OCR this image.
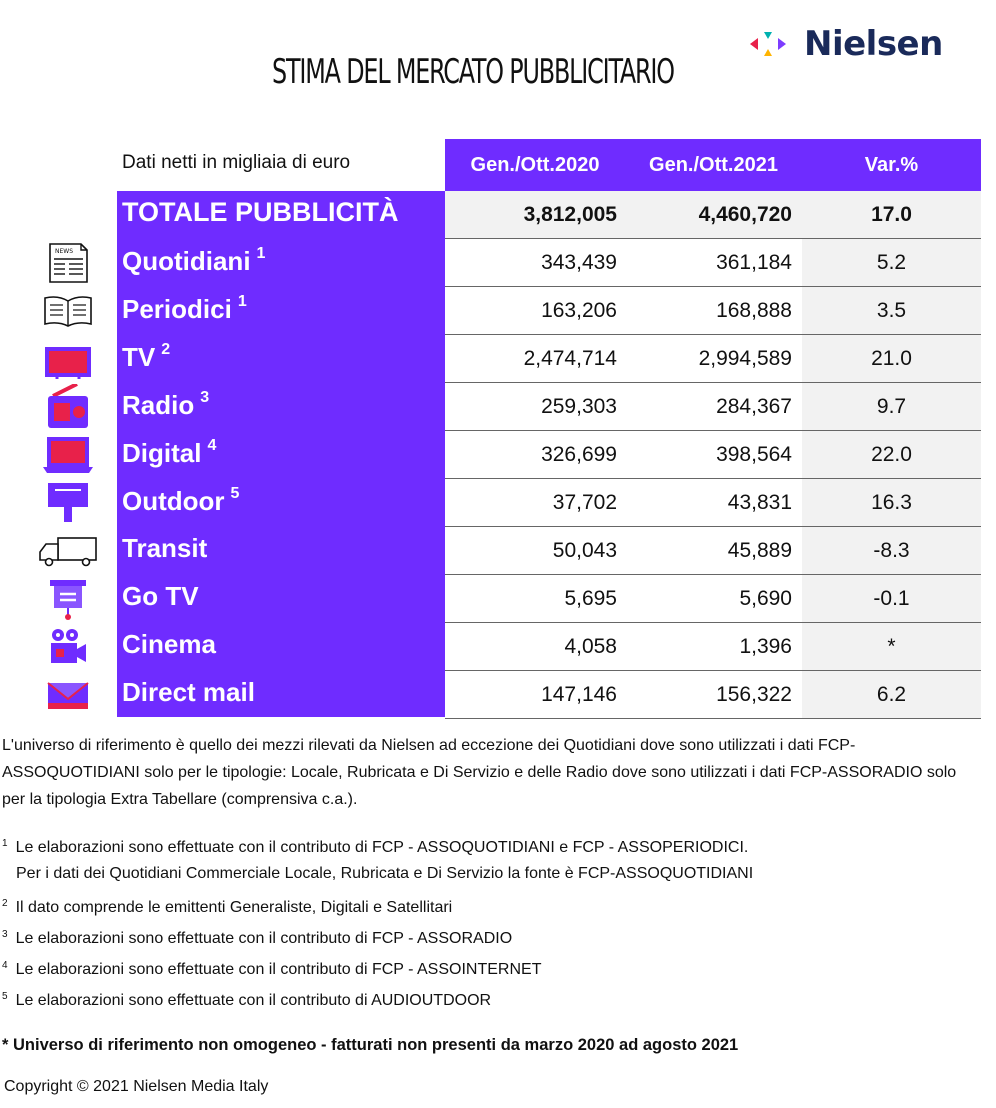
STIMA DEL MERCATO PUBBLICITARIO
Nielsen
Dati netti in migliaia di euro	Gen./Ott.2020	Gen./Ott.2021	Var.%
TOTALE PUBBLICITÀ	3,812,005	4,460,720	17.0
NEWS Quotidiani $^1$	343,439	361,184	5.2
Periodici $^1$	163,206	168,888	3.5
TV $^2$	2,474,714	2,994,589	21.0
Radio $^3$	259,303	284,367	9.7
Digital $^4$	326,699	398,564	22.0
Outdoor $^5$	37,702	43,831	16.3
Transit	50,043	45,889	-8.3
Go TV	5,695	5,690	-0.1
Cinema	4,058	1,396	*
Direct mail	147,146	156,322	6.2
L'universo di riferimento è quello dei mezzi rilevati da Nielsen ad eccezione dei Quotidiani dove sono utilizzati i dati FCP-ASSOQUOTIDIANI solo per le tipologie: Locale, Rubricata e Di Servizio e delle Radio dove sono utilizzati i dati FCP-ASSORADIO solo per la tipologia Extra Tabellare (comprensiva c.a.).
$^1$ Le elaborazioni sono effettuate con il contributo di FCP - ASSOQUOTIDIANI e FCP - ASSOPERIODICI.
Per i dati dei Quotidiani Commerciale Locale, Rubricata e Di Servizio la fonte è FCP-ASSOQUOTIDIANI
$^2$ Il dato comprende le emittenti Generaliste, Digitali e Satellitari
$^3$ Le elaborazioni sono effettuate con il contributo di FCP - ASSORADIO
$^4$ Le elaborazioni sono effettuate con il contributo di FCP - ASSOINTERNET
$^5$ Le elaborazioni sono effettuate con il contributo di AUDIOUTDOOR
* Universo di riferimento non omogeneo - fatturati non presenti da marzo 2020 ad agosto 2021
Copyright © 2021 Nielsen Media Italy
